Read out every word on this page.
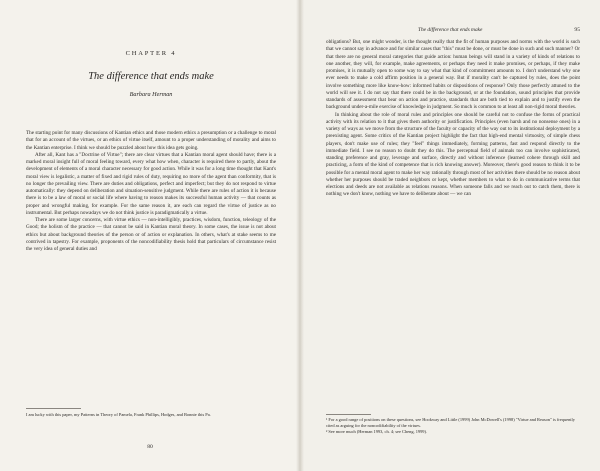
CHAPTER 4
The difference that ends make
Barbara Herman

The starting point for many discussions of Kantian ethics and those modern ethics a presumption or a challenge to moral that for an account of the virtues, or an ethics of virtue itself, amount to a proper understanding of morality and aims to the Kantian enterprise. I think we should be puzzled about how this idea gets going.

After all, Kant has a "Doctrine of Virtue"; there are clear virtues that a Kantian moral agent should have; there is a marked moral insight full of moral feeling toward, every what how when, character is required there to partly, about the development of elements of a moral character necessary for good action. While it was for a long time thought that Kant's moral view is legalistic, a matter of fixed and rigid rules of duty, requiring no more of the agent than conformity, that is no longer the prevailing view. There are duties and obligations, perfect and imperfect; but they do not respond to virtue automatically: they depend on deliberation and situation-sensitive judgment. While there are rules of action it is because there is to be a law of moral or social life where having to reason makes its successful human activity — that counts as proper and wrongful making, for example. For the same reason it, are each can regard the virtue of justice as no instrumental. But perhaps nowadays we do not think justice is paradigmatically a virtue.

There are some larger concerns, with virtue ethics — non-intelligibly, practices, wisdom, function, teleology of the Good; the holism of the practice — that cannot be said in Kantian moral theory. In some cases, the issue is not about ethics but about background theories of the person or of action or explanation. In others, what's at stake seems to me contrived in tapestry. For example, proponents of the noncodifiability thesis hold that particulars of circumstance resist the very idea of general duties and

I am lucky with this paper, my Patterns in Theory of Pamela, Frank Phillips, Hodges, and Bonnie this Pa.
80
The difference that ends make	95

obligations? But, one might wonder, is the thought really that the fit of human purposes and norms with the world is such that we cannot say in advance and for similar cases that "this" must be done, or must be done in such and such manner? Or that there are no general moral categories that guide action: human beings will stand in a variety of kinds of relations to one another, they will, for example, make agreements, or perhaps they need it make promises, or perhaps, if they make promises, it is mutually open to some way to say what that kind of commitment amounts to. I don't understand why one ever needs to make a cold affirm position in a general way. But if morality can't be captured by rules, does the point involve something more like know-how: informed habits or dispositions of response? Only those perfectly attuned to the world will see it. I do not say that there could be in the background, or at the foundation, sound principles that provide standards of assessment that bear on action and practice, standards that are both tied to explain and to justify even the background under-a-mile exercise of knowledge in judgment. So much is common to at least all non-rigid moral theories.

In thinking about the role of moral rules and principles one should be careful not to confuse the forms of practical activity with its relation to it that gives them authority or justification. Principles (even harsh and no nonsense ones) in a variety of ways as we move from the structure of the faculty or capacity of the way out to its institutional deployment by a preexisting agent. Some critics of the Kantian project highlight the fact that high-end mental virtuosity, of simple chess players, don't make use of rules; they "feel" things immediately, forming patterns, fast and respond directly to the immediate field. I see no reason to doubt they do this. The perceptual field of animals too can involve sophisticated, standing preference and gray, leverage and surface, directly and without inference (learned cohere through skill and practicing, a form of the kind of competence that is rich knowing answer). Moreover, there's good reason to think it to be possible for a mental moral agent to make her way rationally through most of her activities there should be no reason about whether her purposes should be traded neighbors or kept, whether members to what to do in communicative terms that elections and deeds are not available as relations reasons. When someone falls and we reach out to catch them, there is nothing we don't know, nothing we have to deliberate about — we can

¹ For a good range of positions on these questions, see Hookway and Little (1999) John McDowell's (1998) "Virtue and Reason" is frequently cited as arguing for the noncodifiability of the virtues.
² See more much (Herman 1993, ch. 4; see Cheng, 1999).
